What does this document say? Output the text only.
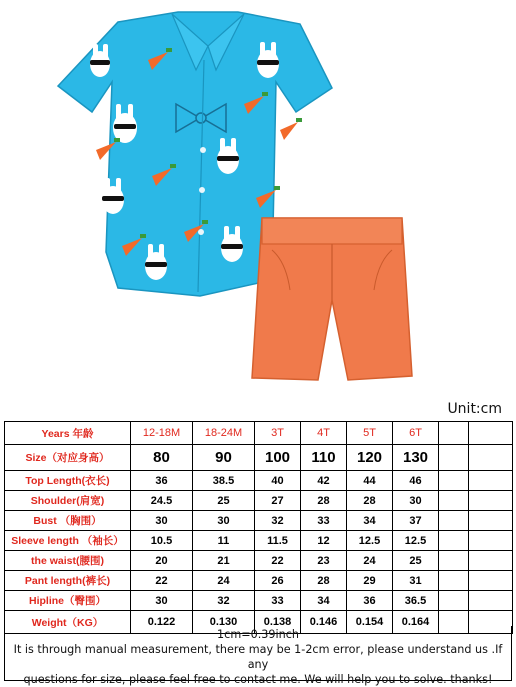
Unit:cm
Years 年龄	12-18M	18-24M	3T	4T	5T	6T		
Size（对应身高）	80	90	100	110	120	130		
Top Length(衣长)	36	38.5	40	42	44	46		
Shoulder(肩宽)	24.5	25	27	28	28	30		
Bust （胸围）	30	30	32	33	34	37		
Sleeve length （袖长）	10.5	11	11.5	12	12.5	12.5		
the waist(腰围)	20	21	22	23	24	25		
Pant length(裤长)	22	24	26	28	29	31		
Hipline（臀围）	30	32	33	34	36	36.5		
Weight（KG）	0.122	0.130	0.138	0.146	0.154	0.164		
1cm=0.39inch
It is through manual measurement, there may be 1-2cm error, please understand us .If any
questions for size, please feel free to contact me. We will help you to solve. thanks!
